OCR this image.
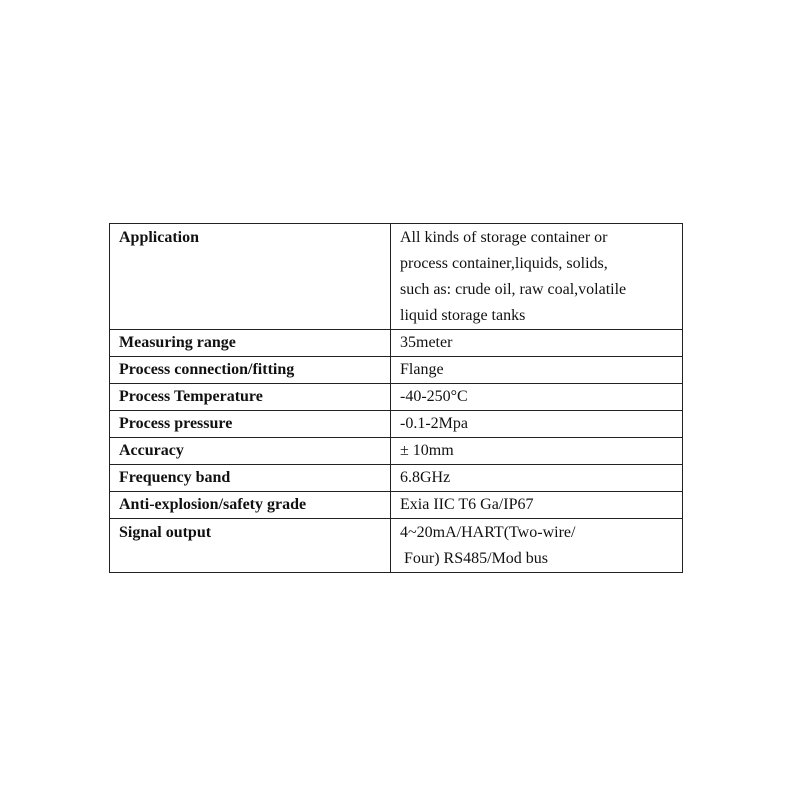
Application	All kinds of storage container or
process container,liquids, solids,
such as: crude oil, raw coal,volatile
liquid storage tanks

Measuring range	35meter

Process connection/fitting	Flange

Process Temperature	-40-250°C

Process pressure	-0.1-2Mpa

Accuracy	± 10mm

Frequency band	6.8GHz

Anti-explosion/safety grade	Exia IIC T6 Ga/IP67

Signal output	4~20mA/HART(Two-wire/
Four) RS485/Mod bus
